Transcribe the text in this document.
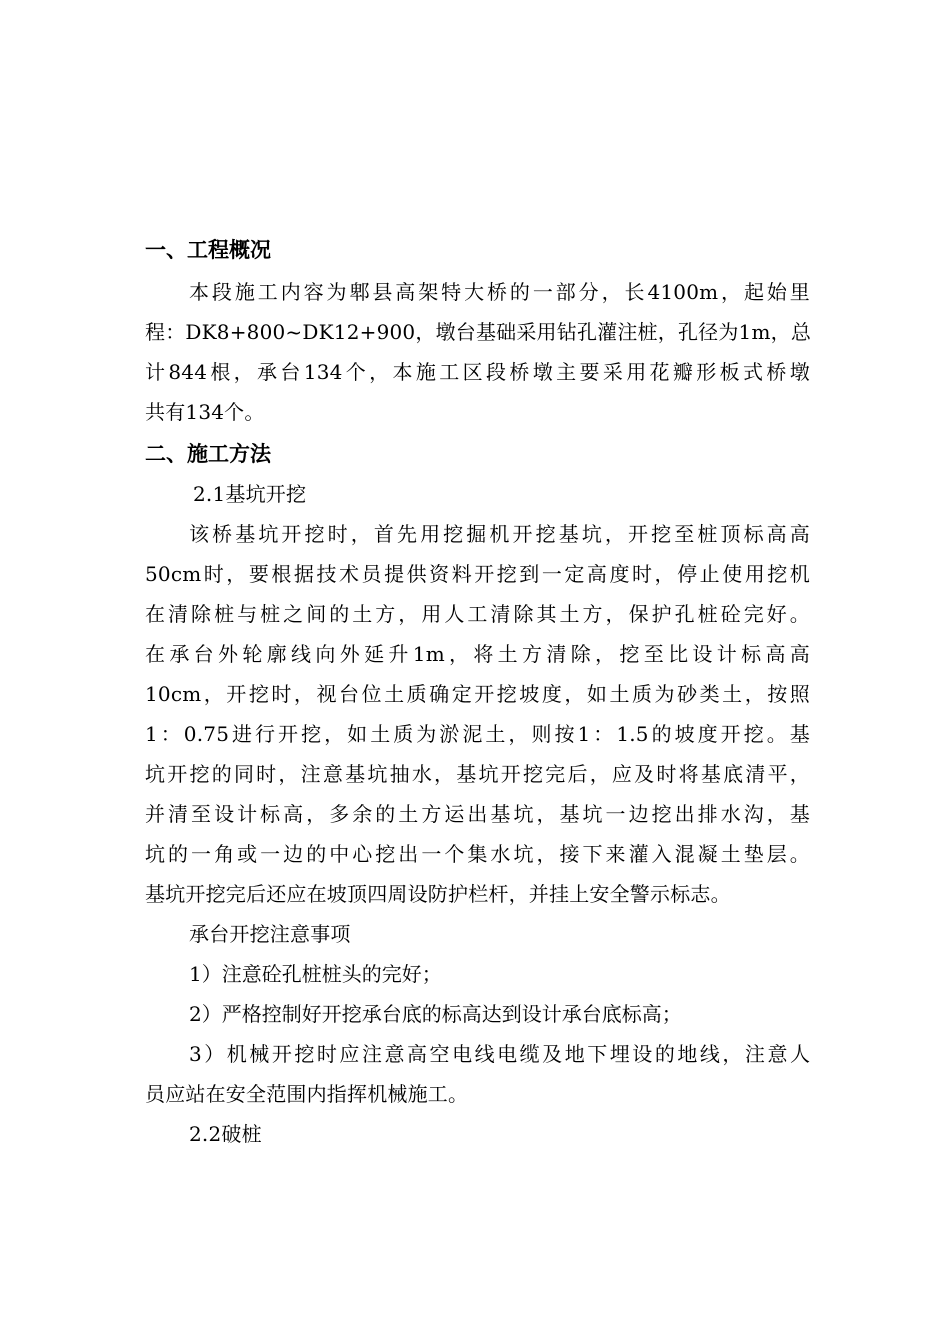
一、工程概况
本段施工内容为郫县高架特大桥的一部分，长4100m，起始里
程：DK8+800~DK12+900，墩台基础采用钻孔灌注桩，孔径为1m，总
计844根，承台134个，本施工区段桥墩主要采用花瓣形板式桥墩
共有134个。
二、施工方法
2.1基坑开挖
该桥基坑开挖时，首先用挖掘机开挖基坑，开挖至桩顶标高高
50cm时，要根据技术员提供资料开挖到一定高度时，停止使用挖机
在清除桩与桩之间的土方，用人工清除其土方，保护孔桩砼完好。
在承台外轮廓线向外延升1m，将土方清除，挖至比设计标高高
10cm，开挖时，视台位土质确定开挖坡度，如土质为砂类土，按照
1：0.75进行开挖，如土质为淤泥土，则按1：1.5的坡度开挖。基
坑开挖的同时，注意基坑抽水，基坑开挖完后，应及时将基底清平，
并清至设计标高，多余的土方运出基坑，基坑一边挖出排水沟，基
坑的一角或一边的中心挖出一个集水坑，接下来灌入混凝土垫层。
基坑开挖完后还应在坡顶四周设防护栏杆，并挂上安全警示标志。
承台开挖注意事项

1）注意砼孔桩桩头的完好；

2）严格控制好开挖承台底的标高达到设计承台底标高；

3）机械开挖时应注意高空电线电缆及地下埋设的地线，注意人

员应站在安全范围内指挥机械施工。
2.2破桩
